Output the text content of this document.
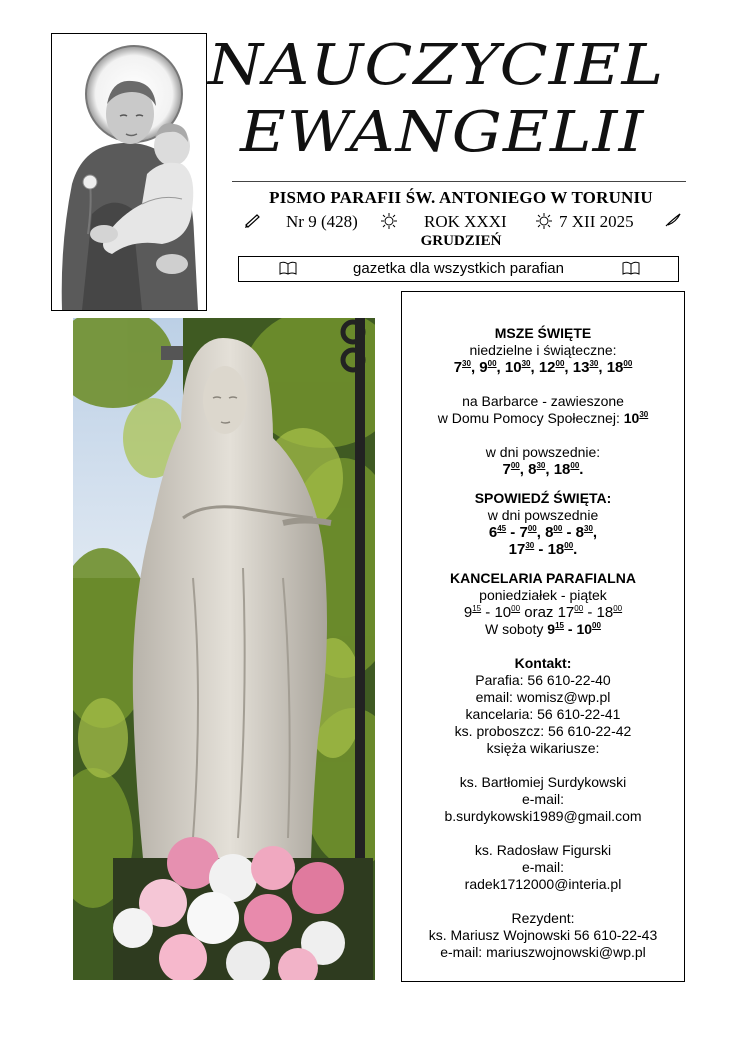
NAUCZYCIEL
EWANGELII
PISMO PARAFII ŚW. ANTONIEGO W TORUNIU
Nr 9 (428)	ROK XXXI	7 XII 2025
GRUDZIEŃ
gazetka dla wszystkich parafian
MSZE ŚWIĘTE
niedzielne i świąteczne:
$7^{30}$, $9^{00}$, $10^{30}$, $12^{00}$, $13^{30}$, $18^{00}$
na Barbarce - zawieszone
w Domu Pomocy Społecznej: $10^{30}$
w dni powszednie:
$7^{00}$, $8^{30}$, $18^{00}$.
SPOWIEDŹ ŚWIĘTA:
w dni powszednie
$6^{45} - 7^{00}$, $8^{00} - 8^{30}$,
$17^{30} - 18^{00}$.
KANCELARIA PARAFIALNA
poniedziałek - piątek
$9^{15} - 10^{00}$ oraz $17^{00} - 18^{00}$
W soboty $9^{15} - 10^{00}$
Kontakt:
Parafia: 56 610-22-40
email: womisz@wp.pl
kancelaria: 56 610-22-41
ks. proboszcz: 56 610-22-42
księża wikariusze:
ks. Bartłomiej Surdykowski
e-mail:
b.surdykowski1989@gmail.com
ks. Radosław Figurski
e-mail:
radek1712000@interia.pl
Rezydent:
ks. Mariusz Wojnowski 56 610-22-43
e-mail: mariuszwojnowski@wp.pl
